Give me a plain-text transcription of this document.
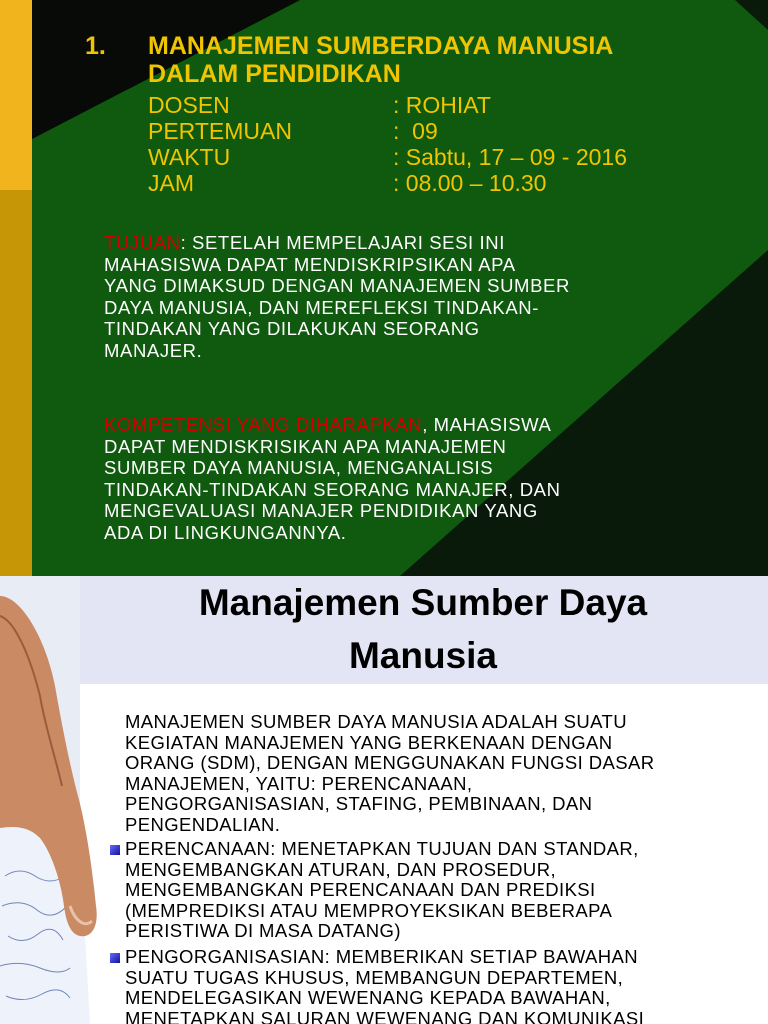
1. MANAJEMEN SUMBERDAYA MANUSIA
DALAM PENDIDIKAN
DOSEN	: ROHIAT
PERTEMUAN	:  09
WAKTU	: Sabtu, 17 – 09 - 2016
JAM	: 08.00 – 10.30
TUJUAN: SETELAH MEMPELAJARI SESI INI
MAHASISWA DAPAT MENDISKRIPSIKAN APA
YANG DIMAKSUD DENGAN MANAJEMEN SUMBER
DAYA MANUSIA, DAN MEREFLEKSI TINDAKAN-
TINDAKAN YANG DILAKUKAN SEORANG
MANAJER.
KOMPETENSI YANG DIHARAPKAN, MAHASISWA
DAPAT MENDISKRISIKAN APA MANAJEMEN
SUMBER DAYA MANUSIA, MENGANALISIS
TINDAKAN-TINDAKAN SEORANG MANAJER, DAN
MENGEVALUASI MANAJER PENDIDIKAN YANG
ADA DI LINGKUNGANNYA.
Manajemen Sumber Daya
Manusia
MANAJEMEN SUMBER DAYA MANUSIA ADALAH SUATU
KEGIATAN MANAJEMEN YANG BERKENAAN DENGAN
ORANG (SDM), DENGAN MENGGUNAKAN FUNGSI DASAR
MANAJEMEN, YAITU: PERENCANAAN,
PENGORGANISASIAN, STAFING, PEMBINAAN, DAN
PENGENDALIAN.
PERENCANAAN: MENETAPKAN TUJUAN DAN STANDAR,
MENGEMBANGKAN ATURAN, DAN PROSEDUR,
MENGEMBANGKAN PERENCANAAN DAN PREDIKSI
(MEMPREDIKSI ATAU MEMPROYEKSIKAN BEBERAPA
PERISTIWA DI MASA DATANG)
PENGORGANISASIAN: MEMBERIKAN SETIAP BAWAHAN
SUATU TUGAS KHUSUS, MEMBANGUN DEPARTEMEN,
MENDELEGASIKAN WEWENANG KEPADA BAWAHAN,
MENETAPKAN SALURAN WEWENANG DAN KOMUNIKASI
